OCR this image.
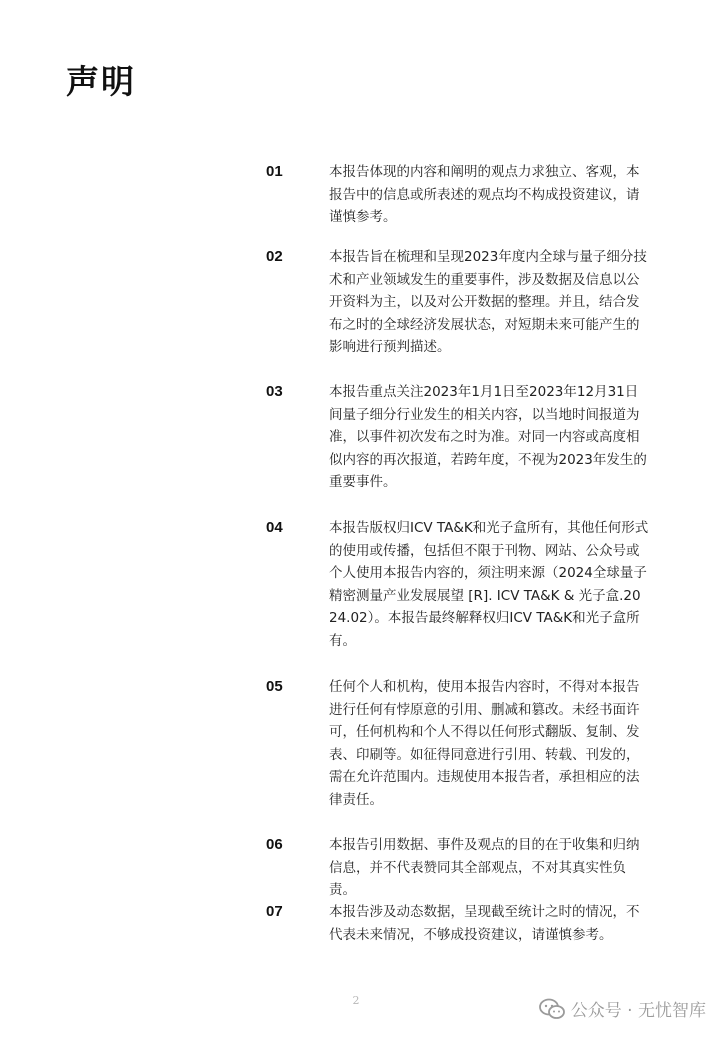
声明
01	本报告体现的内容和阐明的观点力求独立、客观，本报告中的信息或所表述的观点均不构成投资建议，请谨慎参考。
02	本报告旨在梳理和呈现2023年度内全球与量子细分技术和产业领域发生的重要事件，涉及数据及信息以公开资料为主，以及对公开数据的整理。并且，结合发布之时的全球经济发展状态，对短期未来可能产生的影响进行预判描述。
03	本报告重点关注2023年1月1日至2023年12月31日间量子细分行业发生的相关内容，以当地时间报道为准，以事件初次发布之时为准。对同一内容或高度相似内容的再次报道，若跨年度，不视为2023年发生的重要事件。
04	本报告版权归ICV TA&K和光子盒所有，其他任何形式的使用或传播，包括但不限于刊物、网站、公众号或个人使用本报告内容的，须注明来源（2024全球量子精密测量产业发展展望 [R]. ICV TA&K & 光子盒.2024.02）。本报告最终解释权归ICV TA&K和光子盒所有。
05	任何个人和机构，使用本报告内容时，不得对本报告进行任何有悖原意的引用、删减和篡改。未经书面许可，任何机构和个人不得以任何形式翻版、复制、发表、印刷等。如征得同意进行引用、转载、刊发的，需在允许范围内。违规使用本报告者，承担相应的法律责任。
06	本报告引用数据、事件及观点的目的在于收集和归纳信息，并不代表赞同其全部观点，不对其真实性负责。
07	本报告涉及动态数据，呈现截至统计之时的情况，不代表未来情况，不够成投资建议，请谨慎参考。
2
公众号 · 无忧智库
